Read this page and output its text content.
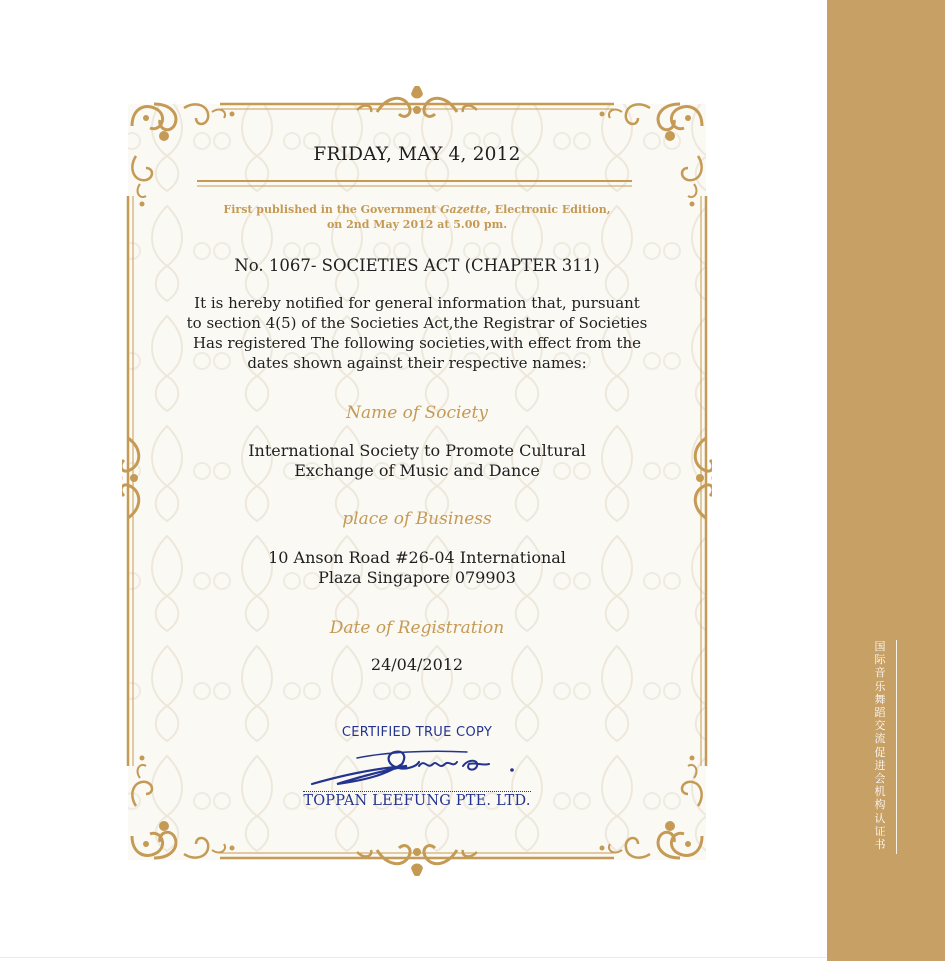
国际音乐舞蹈交流促进会机构认证书
FRIDAY, MAY 4, 2012
First published in the Government Gazette, Electronic Edition,
on 2nd May 2012 at 5.00 pm.
No. 1067- SOCIETIES ACT (CHAPTER 311)
It is hereby notified for general information that, pursuant
to section 4(5) of the Societies Act,the Registrar of Societies
Has registered The following societies,with effect from the
dates shown against their respective names:
Name of Society
International Society to Promote Cultural
Exchange of Music and Dance
place of Business
10 Anson Road #26-04 International
Plaza Singapore 079903
Date of Registration
24/04/2012
CERTIFIED TRUE COPY
TOPPAN LEEFUNG PTE. LTD.
